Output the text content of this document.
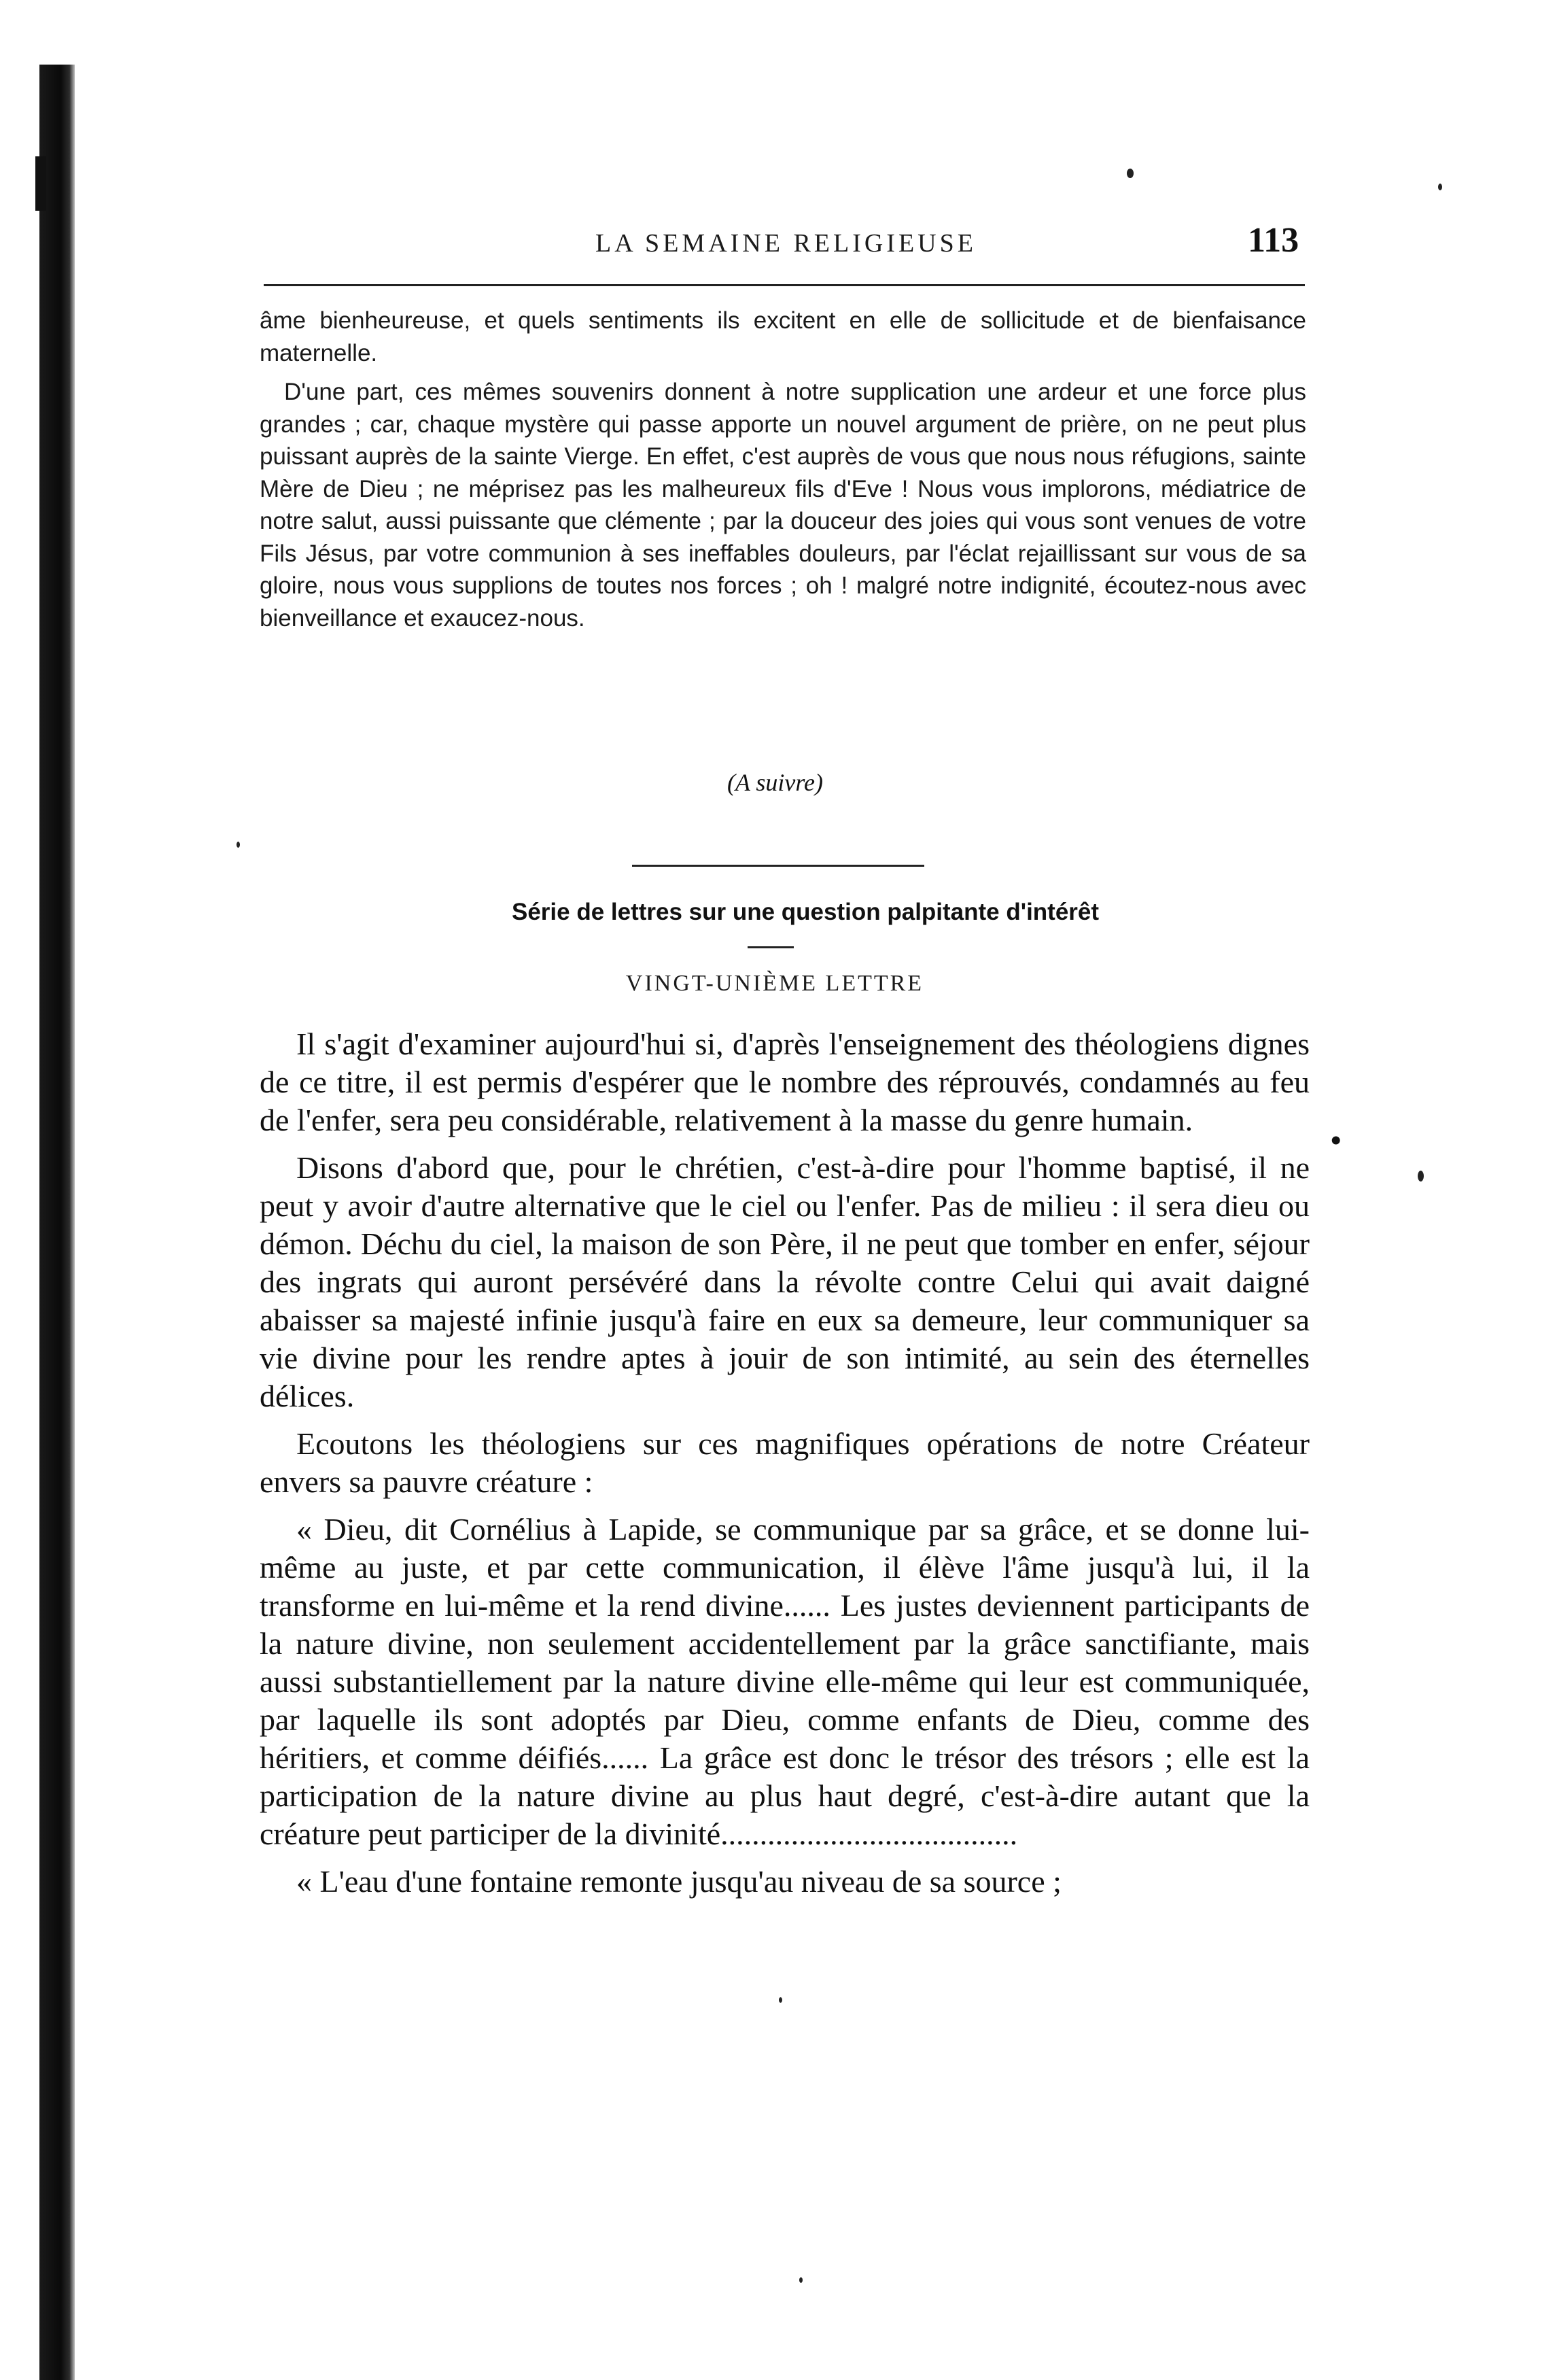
LA SEMAINE RELIGIEUSE	113

âme bienheureuse, et quels sentiments ils excitent en elle de sollicitude et de bienfaisance maternelle.

D'une part, ces mêmes souvenirs donnent à notre supplication une ardeur et une force plus grandes ; car, chaque mystère qui passe apporte un nouvel argument de prière, on ne peut plus puissant auprès de la sainte Vierge. En effet, c'est auprès de vous que nous nous réfugions, sainte Mère de Dieu ; ne méprisez pas les malheureux fils d'Eve ! Nous vous implorons, médiatrice de notre salut, aussi puissante que clémente ; par la douceur des joies qui vous sont venues de votre Fils Jésus, par votre communion à ses ineffables douleurs, par l'éclat rejaillissant sur vous de sa gloire, nous vous supplions de toutes nos forces ; oh ! malgré notre indignité, écoutez-nous avec bienveillance et exaucez-nous.

(A suivre)
Série de lettres sur une question palpitante d'intérêt
VINGT-UNIÈME LETTRE

Il s'agit d'examiner aujourd'hui si, d'après l'enseignement des théologiens dignes de ce titre, il est permis d'espérer que le nombre des réprouvés, condamnés au feu de l'enfer, sera peu considérable, relativement à la masse du genre humain.

Disons d'abord que, pour le chrétien, c'est-à-dire pour l'homme baptisé, il ne peut y avoir d'autre alternative que le ciel ou l'enfer. Pas de milieu : il sera dieu ou démon. Déchu du ciel, la maison de son Père, il ne peut que tomber en enfer, séjour des ingrats qui auront persévéré dans la révolte contre Celui qui avait daigné abaisser sa majesté infinie jusqu'à faire en eux sa demeure, leur communiquer sa vie divine pour les rendre aptes à jouir de son intimité, au sein des éternelles délices.

Ecoutons les théologiens sur ces magnifiques opérations de notre Créateur envers sa pauvre créature :

« Dieu, dit Cornélius à Lapide, se communique par sa grâce, et se donne lui-même au juste, et par cette communication, il élève l'âme jusqu'à lui, il la transforme en lui-même et la rend divine...... Les justes deviennent participants de la nature divine, non seulement accidentellement par la grâce sanctifiante, mais aussi substantiellement par la nature divine elle-même qui leur est communiquée, par laquelle ils sont adoptés par Dieu, comme enfants de Dieu, comme des héritiers, et comme déifiés...... La grâce est donc le trésor des trésors ; elle est la participation de la nature divine au plus haut degré, c'est-à-dire autant que la créature peut participer de la divinité......................................

« L'eau d'une fontaine remonte jusqu'au niveau de sa source ;

•
